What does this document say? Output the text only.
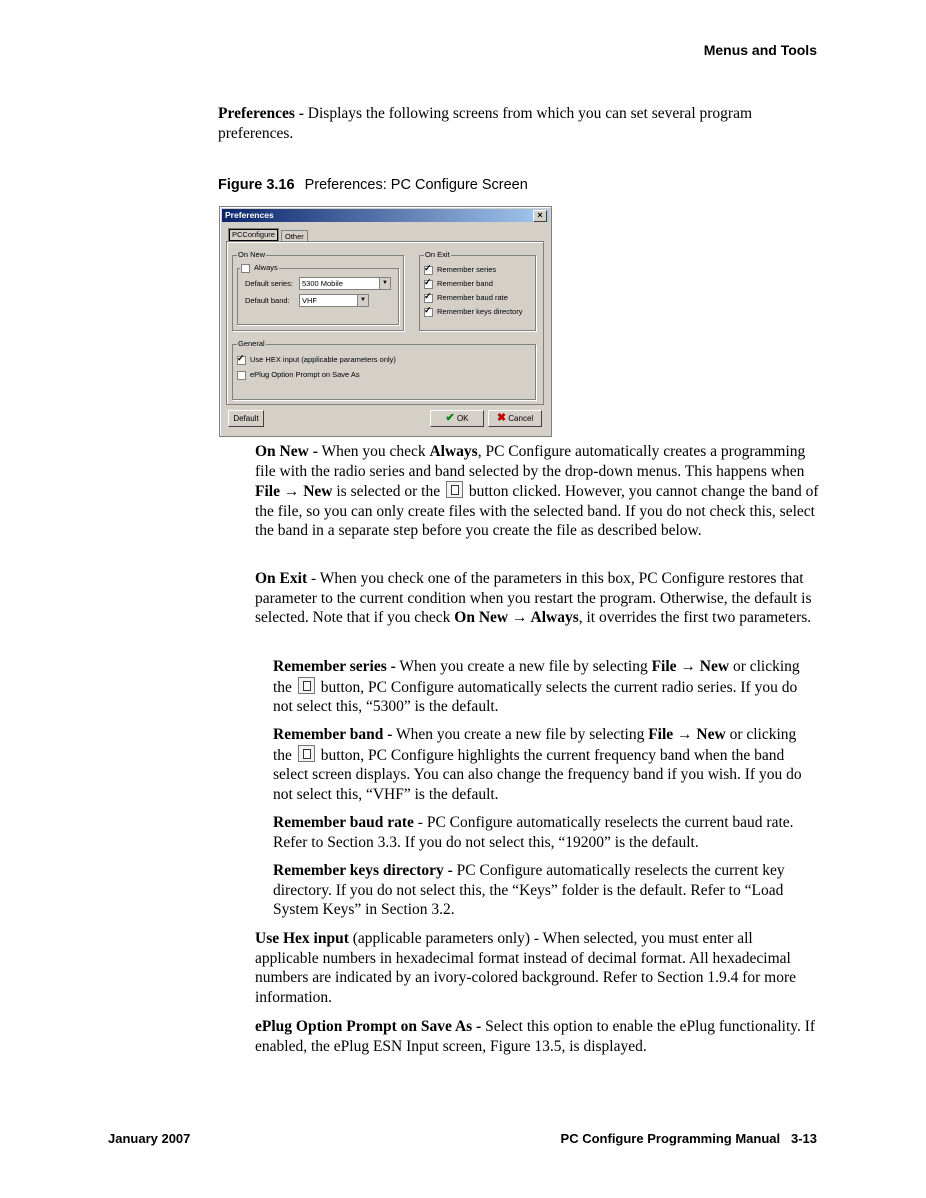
Menus and Tools
Preferences - Displays the following screens from which you can set several program preferences.
Figure 3.16 Preferences: PC Configure Screen
Preferences	×
PCConfigure	Other
On New
Always
Default series:	5300 Mobile	▼
Default band:	VHF	▼
On Exit
✓Remember series
✓Remember band
✓Remember baud rate
✓Remember keys directory
General
✓Use HEX input (applicable parameters only)
ePlug Option Prompt on Save As
Default	✔ OK	✖ Cancel
On New - When you check Always, PC Configure automatically creates a programming file with the radio series and band selected by the drop-down menus. This happens when File → New is selected or the  button clicked. However, you cannot change the band of the file, so you can only create files with the selected band. If you do not check this, select the band in a separate step before you create the file as described below.
On Exit - When you check one of the parameters in this box, PC Configure restores that parameter to the current condition when you restart the program. Otherwise, the default is selected. Note that if you check On New → Always, it overrides the first two parameters.
Remember series - When you create a new file by selecting File → New or clicking the  button, PC Configure automatically selects the current radio series. If you do not select this, “5300” is the default.
Remember band - When you create a new file by selecting File → New or clicking the  button, PC Configure highlights the current frequency band when the band select screen displays. You can also change the frequency band if you wish. If you do not select this, “VHF” is the default.
Remember baud rate - PC Configure automatically reselects the current baud rate. Refer to Section 3.3. If you do not select this, “19200” is the default.
Remember keys directory - PC Configure automatically reselects the current key directory. If you do not select this, the “Keys” folder is the default. Refer to “Load System Keys” in Section 3.2.
Use Hex input (applicable parameters only) - When selected, you must enter all applicable numbers in hexadecimal format instead of decimal format. All hexadecimal numbers are indicated by an ivory-colored background. Refer to Section 1.9.4 for more information.
ePlug Option Prompt on Save As - Select this option to enable the ePlug functionality. If enabled, the ePlug ESN Input screen, Figure 13.5, is displayed.
January 2007	PC Configure Programming Manual 3-13
